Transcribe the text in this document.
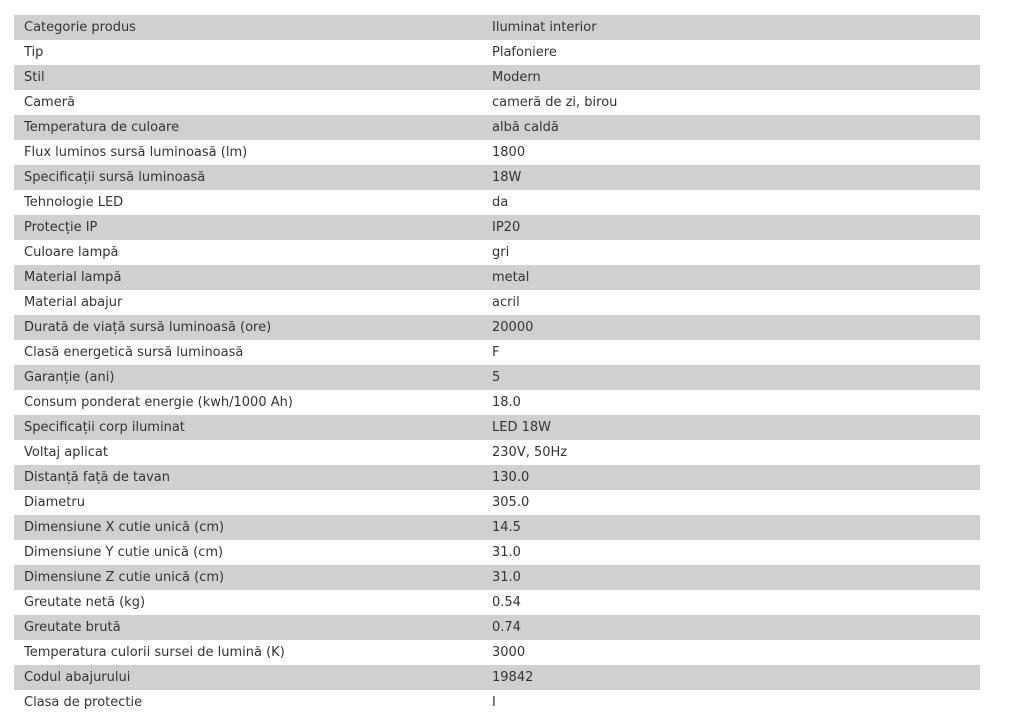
Categorie produs	Iluminat interior
Tip	Plafoniere
Stil	Modern
Cameră	cameră de zi, birou
Temperatura de culoare	albă caldă
Flux luminos sursă luminoasă (lm)	1800
Specificații sursă luminoasă	18W
Tehnologie LED	da
Protecție IP	IP20
Culoare lampă	gri
Material lampă	metal
Material abajur	acril
Durată de viață sursă luminoasă (ore)	20000
Clasă energetică sursă luminoasă	F
Garanție (ani)	5
Consum ponderat energie (kwh/1000 Ah)	18.0
Specificații corp iluminat	LED 18W
Voltaj aplicat	230V, 50Hz
Distanță față de tavan	130.0
Diametru	305.0
Dimensiune X cutie unică (cm)	14.5
Dimensiune Y cutie unică (cm)	31.0
Dimensiune Z cutie unică (cm)	31.0
Greutate netă (kg)	0.54
Greutate brută	0.74
Temperatura culorii sursei de lumină (K)	3000
Codul abajurului	19842
Clasa de protectie	I
